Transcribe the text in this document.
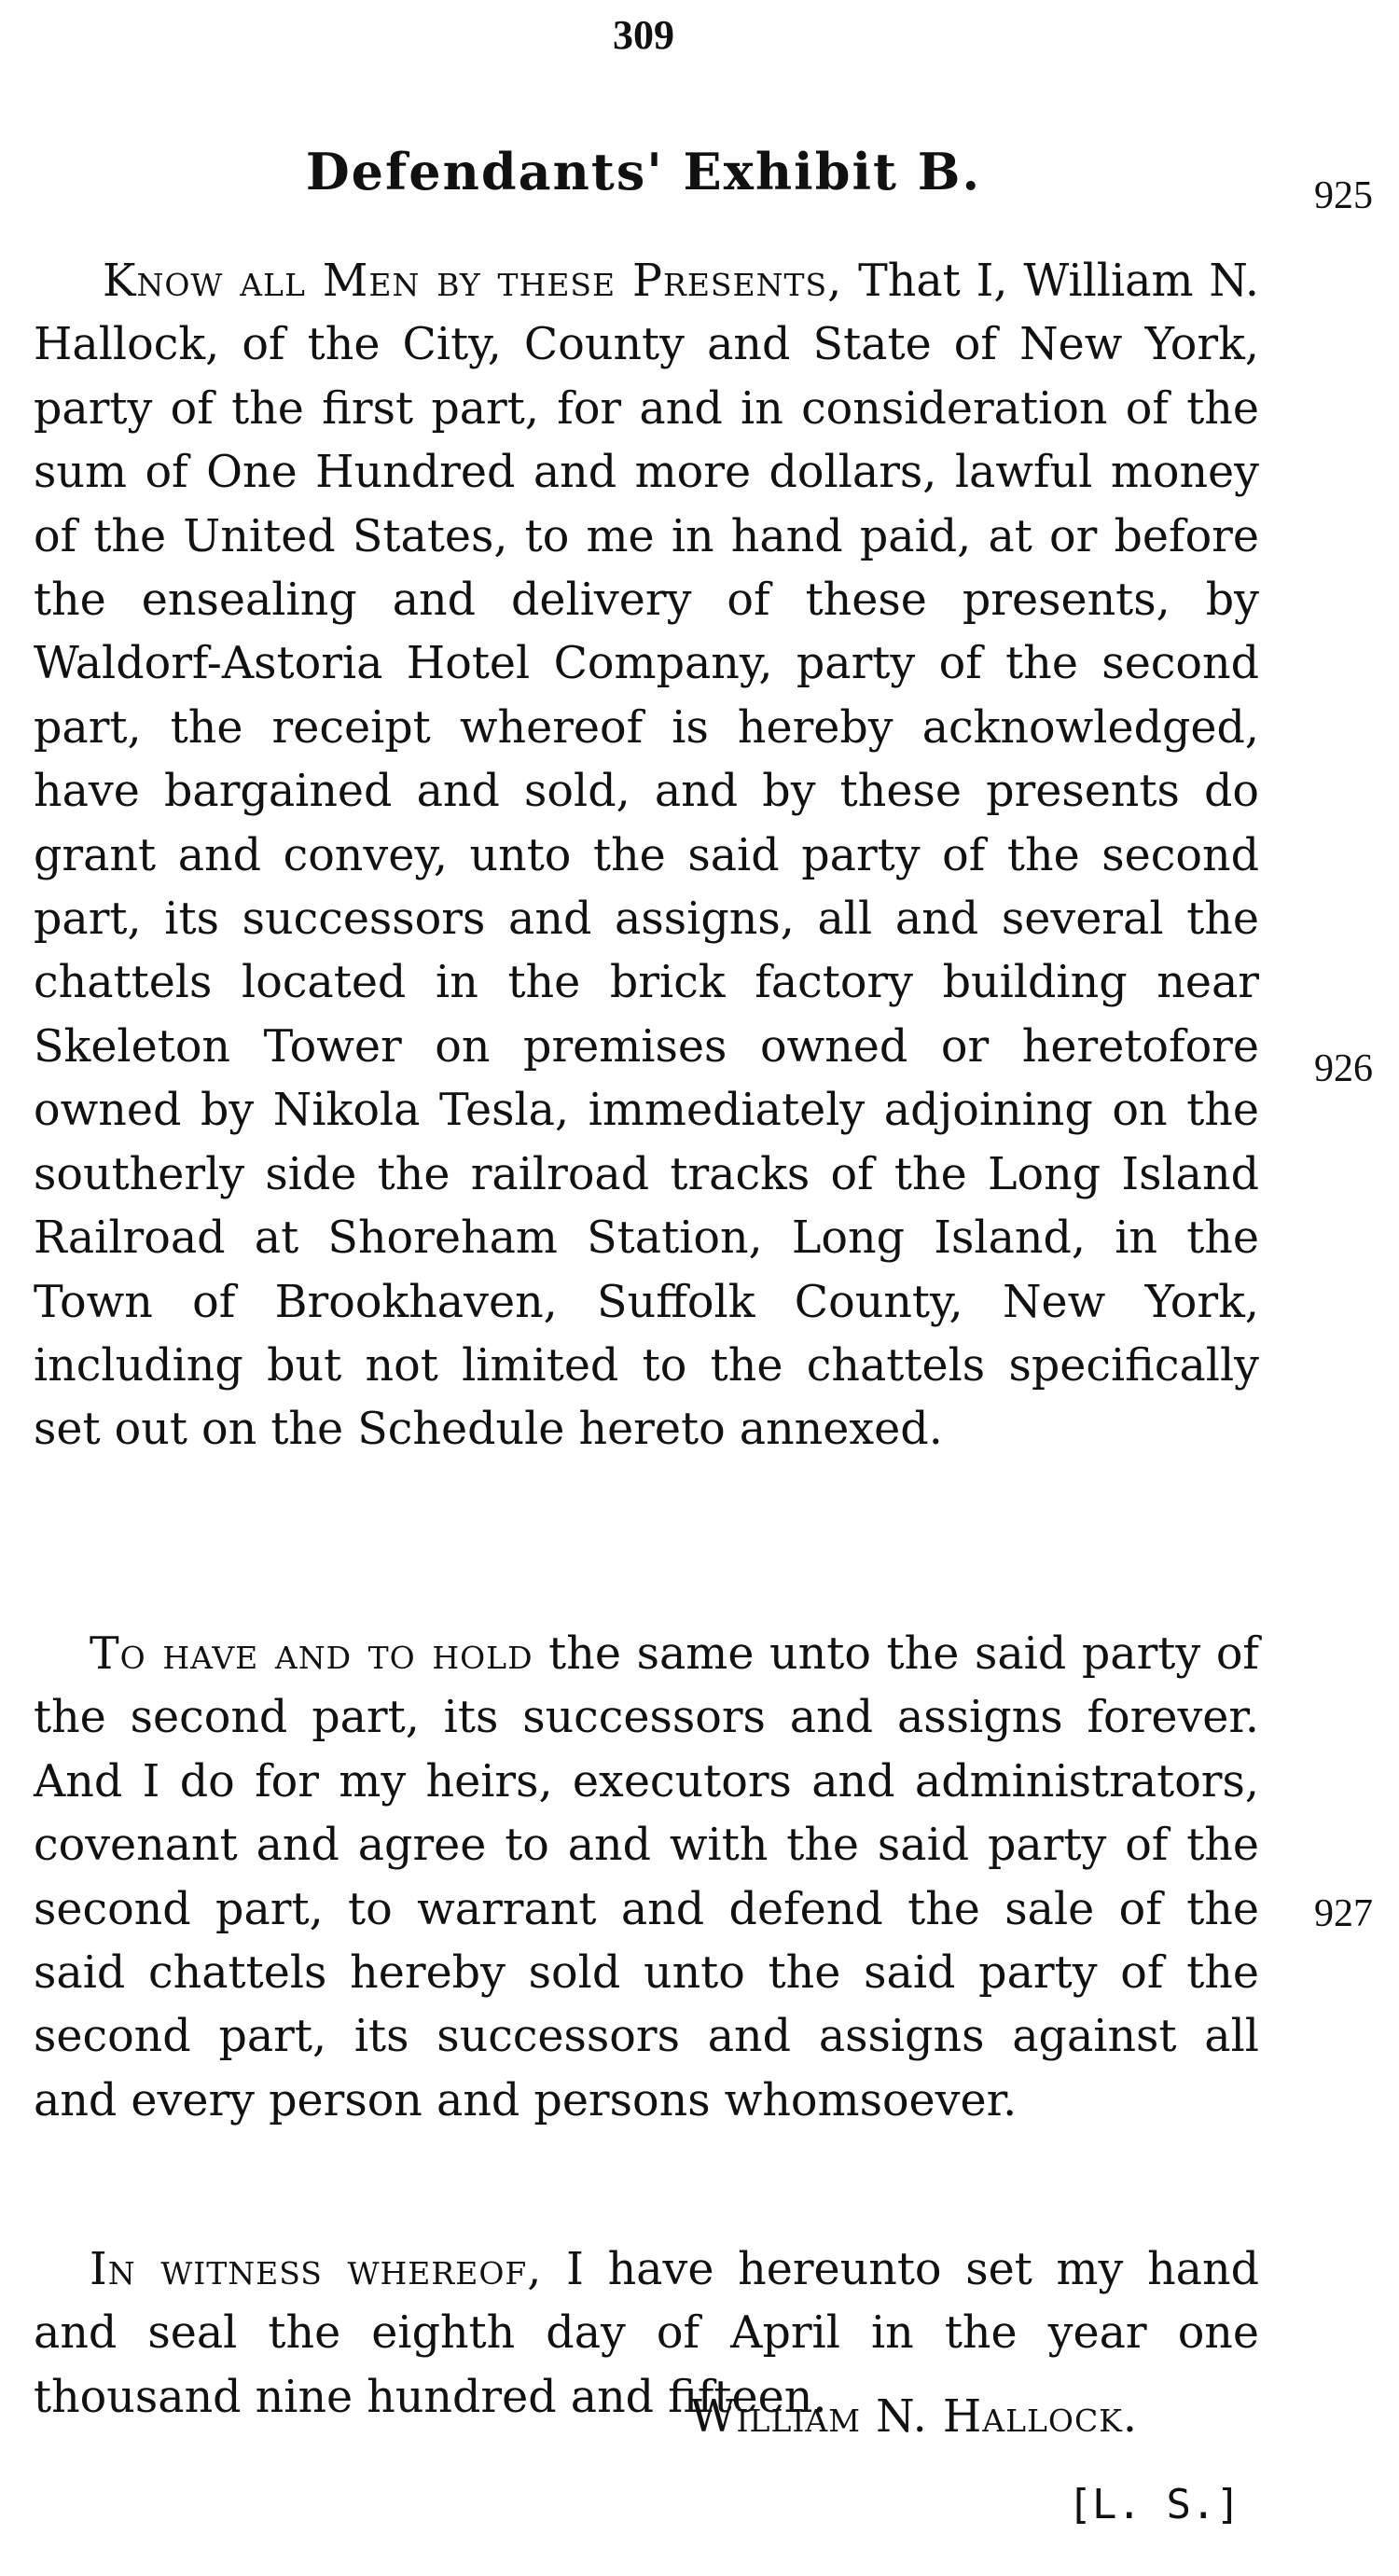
309
Defendants' Exhibit B.	925
926
927
Know all Men by these Presents, That I, William N. Hallock, of the City, County and State of New York, party of the first part, for and in consideration of the sum of One Hundred and more dollars, lawful money of the United States, to me in hand paid, at or before the ensealing and delivery of these presents, by Waldorf-Astoria Hotel Company, party of the second part, the receipt whereof is hereby acknowledged, have bargained and sold, and by these presents do grant and convey, unto the said party of the second part, its successors and assigns, all and several the chattels located in the brick factory building near Skeleton Tower on premises owned or heretofore owned by Nikola Tesla, immediately adjoining on the southerly side the railroad tracks of the Long Island Railroad at Shoreham Station, Long Island, in the Town of Brookhaven, Suffolk County, New York, including but not limited to the chattels specifically set out on the Schedule hereto annexed.
To have and to hold the same unto the said party of the second part, its successors and assigns forever. And I do for my heirs, executors and administrators, covenant and agree to and with the said party of the second part, to warrant and defend the sale of the said chattels hereby sold unto the said party of the second part, its successors and assigns against all and every person and persons whomsoever.
In witness whereof, I have hereunto set my hand and seal the eighth day of April in the year one thousand nine hundred and fifteen.
William N. Hallock.
[L. S.]
